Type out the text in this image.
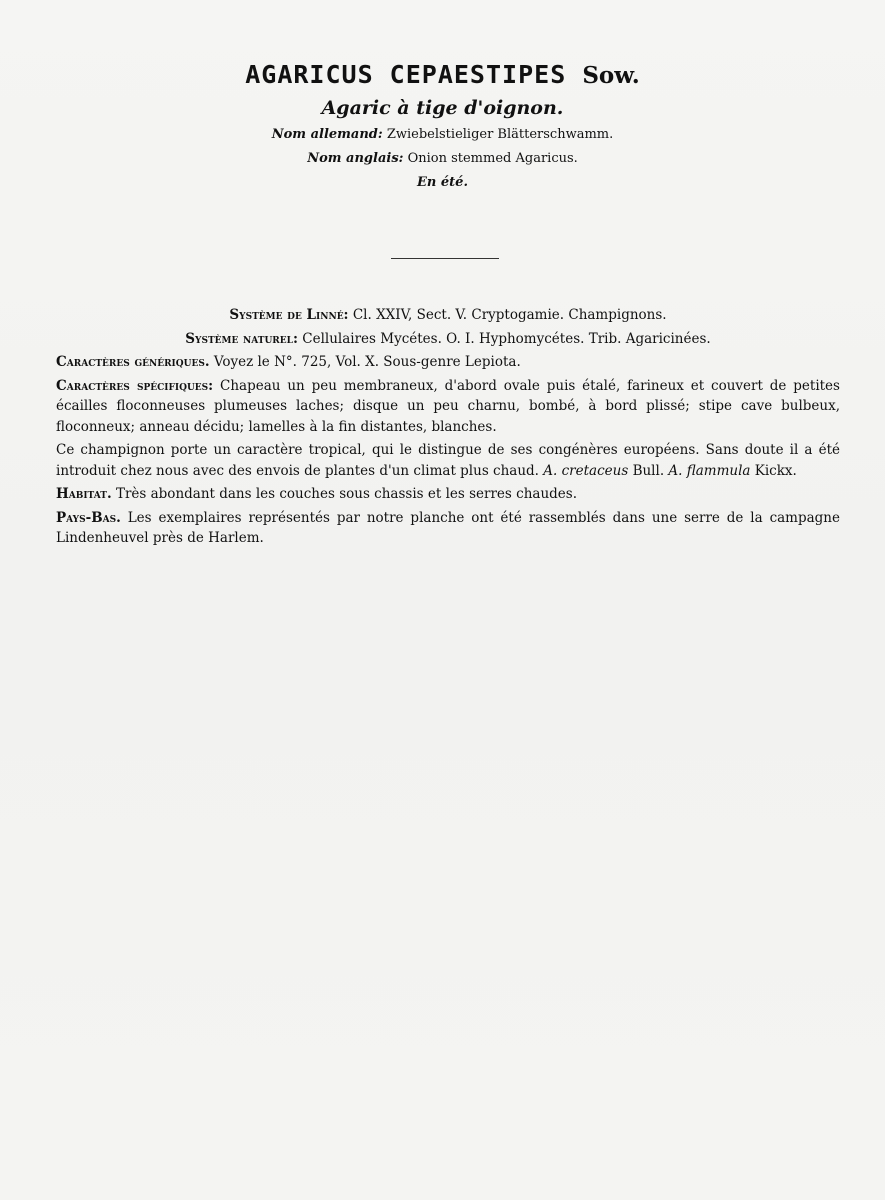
AGARICUS CEPAESTIPES Sow.
Agaric à tige d'oignon.
Nom allemand: Zwiebelstieliger Blätterschwamm.
Nom anglais: Onion stemmed Agaricus.
En été.
Système de Linné: Cl. XXIV, Sect. V. Cryptogamie. Champignons.
Système naturel: Cellulaires Mycétes. O. I. Hyphomycétes. Trib. Agaricinées.
Caractères génériques. Voyez le N°. 725, Vol. X. Sous-genre Lepiota.
Caractères spécifiques: Chapeau un peu membraneux, d'abord ovale puis étalé, farineux et couvert de petites écailles floconneuses plumeuses laches; disque un peu charnu, bombé, à bord plissé; stipe cave bulbeux, floconneux; anneau décidu; lamelles à la fin distantes, blanches.
Ce champignon porte un caractère tropical, qui le distingue de ses congénères européens. Sans doute il a été introduit chez nous avec des envois de plantes d'un climat plus chaud. A. cretaceus Bull. A. flammula Kickx.
Habitat. Très abondant dans les couches sous chassis et les serres chaudes.
Pays-Bas. Les exemplaires représentés par notre planche ont été rassemblés dans une serre de la campagne Lindenheuvel près de Harlem.
